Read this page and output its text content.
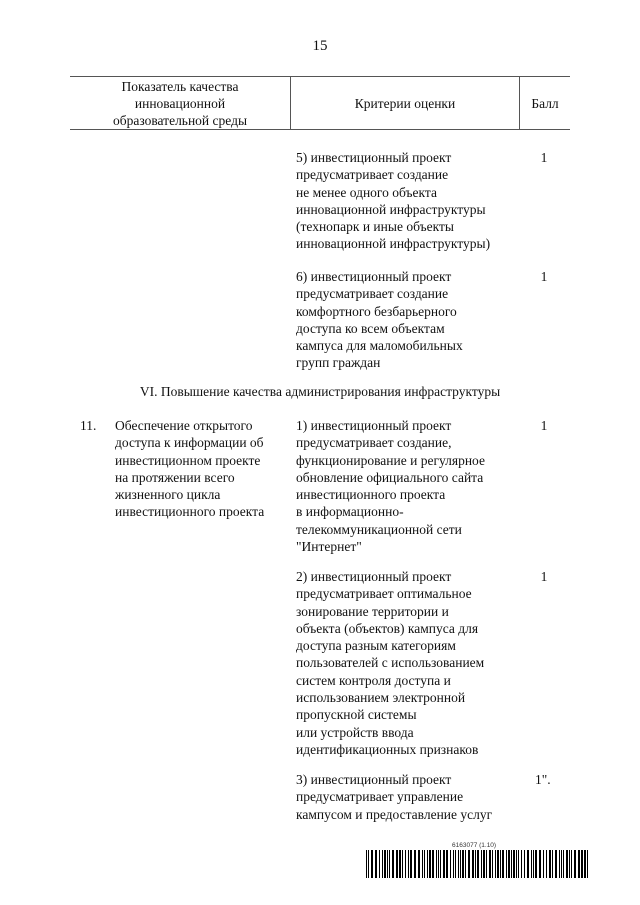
15
Показатель качества
инновационной
образовательной среды
Критерии оценки	Балл
5) инвестиционный проект
предусматривает создание
не менее одного объекта
инновационной инфраструктуры
(технопарк и иные объекты
инновационной инфраструктуры)
1
6) инвестиционный проект
предусматривает создание
комфортного безбарьерного
доступа ко всем объектам
кампуса для маломобильных
групп граждан
1
VI. Повышение качества администрирования инфраструктуры
11. Обеспечение открытого
доступа к информации об
инвестиционном проекте
на протяжении всего
жизненного цикла
инвестиционного проекта
1) инвестиционный проект
предусматривает создание,
функционирование и регулярное
обновление официального сайта
инвестиционного проекта
в информационно-
телекоммуникационной сети
"Интернет"
1
2) инвестиционный проект
предусматривает оптимальное
зонирование территории и
объекта (объектов) кампуса для
доступа разным категориям
пользователей с использованием
систем контроля доступа и
использованием электронной
пропускной системы
или устройств ввода
идентификационных признаков
1
3) инвестиционный проект
предусматривает управление
кампусом и предоставление услуг
1".
6163077 (1.10)
